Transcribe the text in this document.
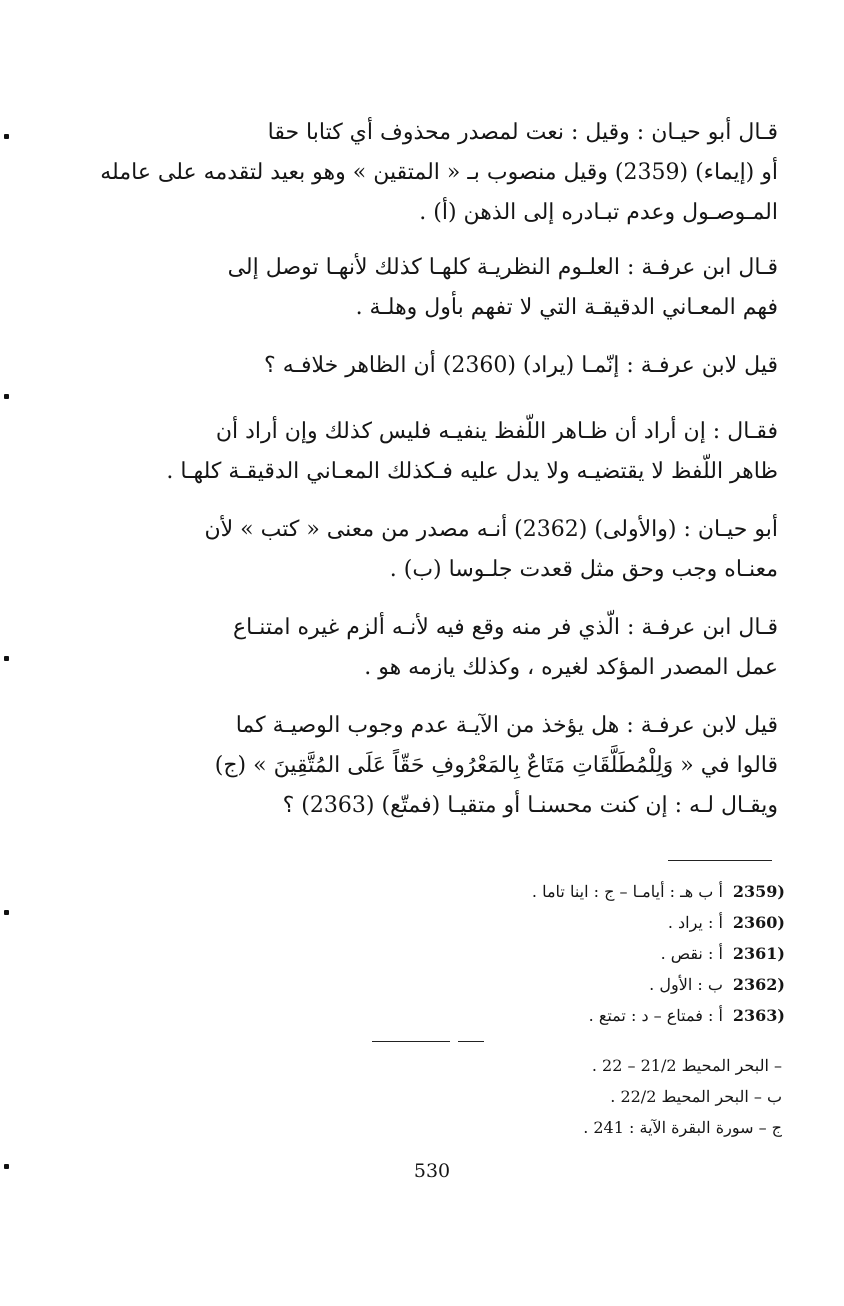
قـال أبو حيـان : وقيل : نعت لمصدر محذوف أي كتابا حقا
أو (إيماء) (2359) وقيل منصوب بـ « المتقين » وهو بعيد لتقدمه على عامله
المـوصـول وعدم تبـادره إلى الذهن (أ) .
قـال ابن عرفـة : العلـوم النظريـة كلهـا كذلك لأنهـا توصل إلى
فهم المعـاني الدقيقـة التي لا تفهم بأول وهلـة .
قيل لابن عرفـة : إنّمـا (يراد) (2360) أن الظاهر خلافـه ؟
فقـال : إن أراد أن ظـاهر اللّفظ ينفيـه فليس كذلك وإن أراد أن
ظاهر اللّفظ لا يقتضيـه ولا يدل عليه فـكذلك المعـاني الدقيقـة كلهـا .
أبو حيـان : (والأولى) (2362) أنـه مصدر من معنى « كتب » لأن
معنـاه وجب وحق مثل قعدت جلـوسا (ب) .
قـال ابن عرفـة : الّذي فر منه وقع فيه لأنـه ألزم غيره امتنـاع
عمل المصدر المؤكد لغيره ، وكذلك يازمه هو .
قيل لابن عرفـة : هل يؤخذ من الآيـة عدم وجوب الوصيـة كما
قالوا في « وَلِلْمُطَلَّقَاتِ مَتَاعٌ بِالمَعْرُوفِ حَقّاً عَلَى المُتَّقِينَ » (ج)
ويقـال لـه : إن كنت محسنـا أو متقيـا (فمتّع) (2363) ؟
2359)
أ ب هـ : أيامـا – ج : اينا تاما .
2360)
أ : يراد .
2361)
أ : نقص .
2362)
ب : الأول .
2363)
أ : فمتاع – د : تمتع .
– البحر المحيط 21/2 – 22 .
ب – البحر المحيط 22/2 .
ج – سورة البقرة الآية : 241 .
530
